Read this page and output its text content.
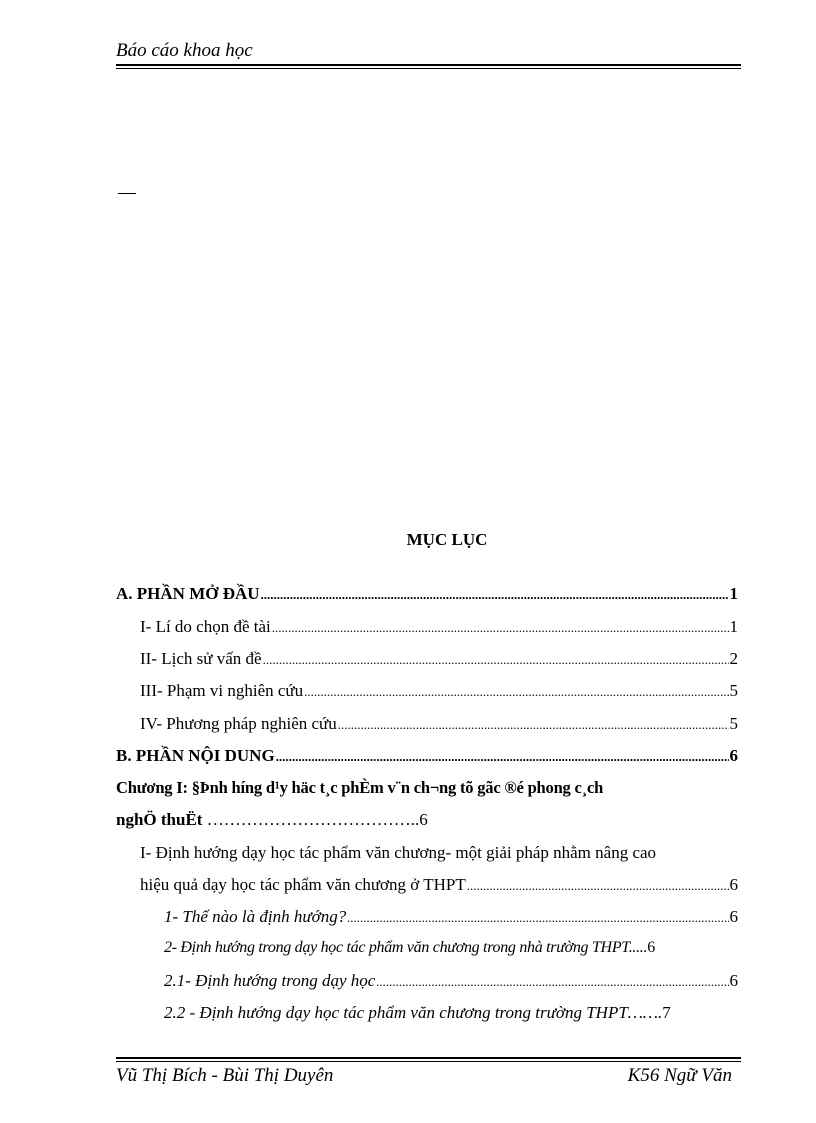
Báo cáo khoa học
MỤC LỤC
A. PHẦN MỞ ĐẦU .....	1
I- Lí do chọn đề tài .....	1
II- Lịch sử vấn đề .....	2
III- Phạm vi nghiên cứu .....	5
IV- Phương pháp nghiên cứu .....	5
B. PHẦN NỘI DUNG .....	6
Chương I: §Þnh híng d¹y häc t¸c phÈm v¨n ch¬ng tõ gãc ®é phong c¸ch
nghÖ thuËt ………………………………..6
I- Định hướng dạy học tác phẩm văn chương- một giải pháp nhằm nâng cao
hiệu quả dạy học tác phẩm văn chương ở THPT .....	6
1- Thế nào là định hướng? .....	6
2- Định hướng trong dạy học tác phẩm văn chương trong nhà trường THPT.....6
2.1- Định hướng trong dạy học .....	6
2.2 - Định hướng dạy học tác phẩm văn chương trong trường THPT…….7
Vũ Thị Bích - Bùi Thị Duyên	K56 Ngữ Văn
